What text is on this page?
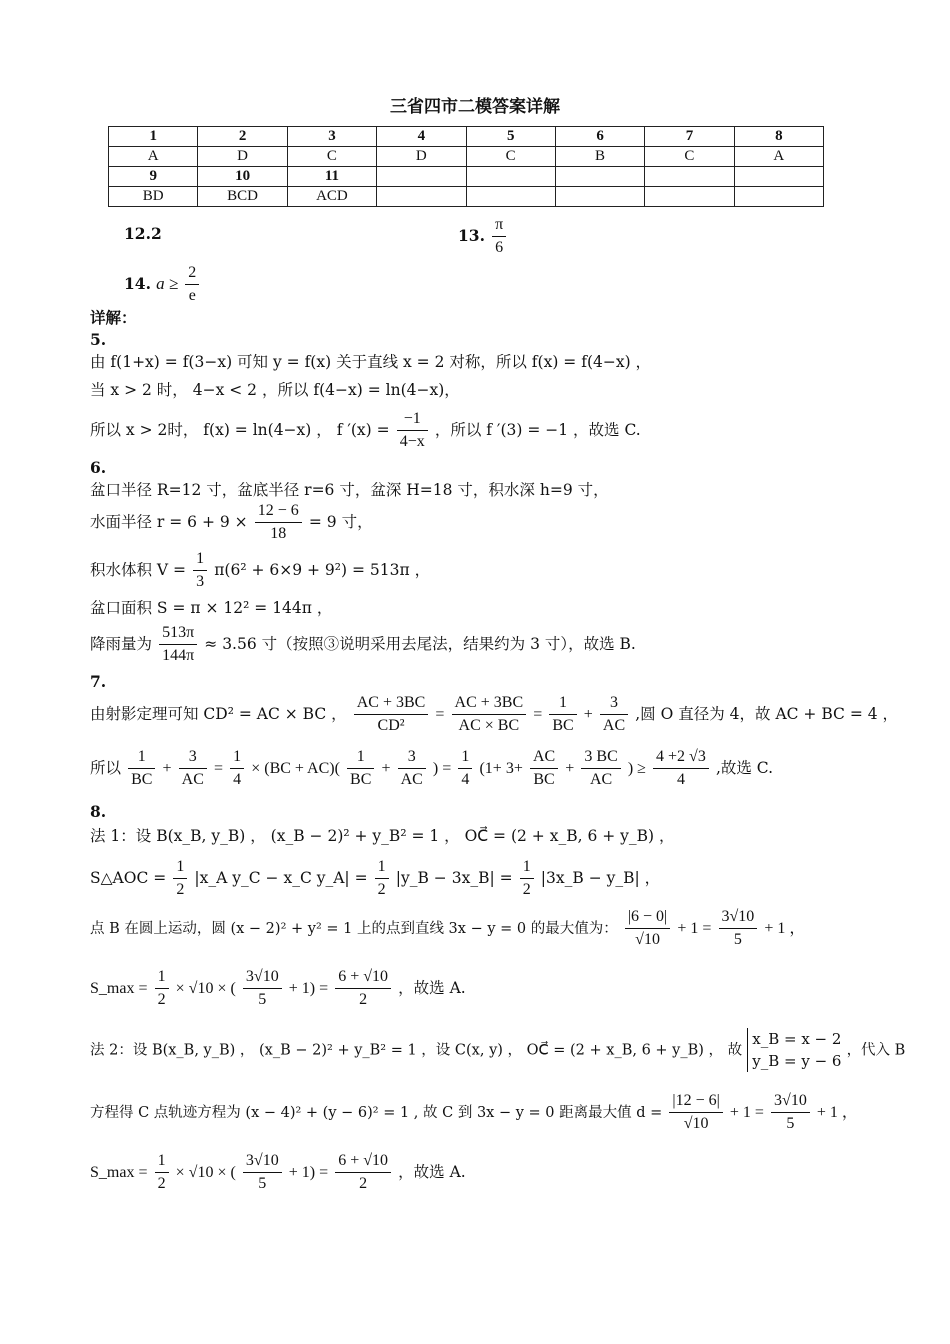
三省四市二模答案详解
1	2	3	4	5	6	7	8
A	D	C	D	C	B	C	A
9	10	11					
BD	BCD	ACD					
12.2	13. $\frac{\pi}{6}$
14. $a \ge \frac{2}{e}$
详解：
5.
由 f(1+x) = f(3−x) 可知 y = f(x) 关于直线 x = 2 对称，所以 f(x) = f(4−x) ，
当 x > 2 时， 4−x < 2 ，所以 f(4−x) = ln(4−x)，
所以 x > 2时， f(x) = ln(4−x) ， f $'(x) = \frac{-1}{4-x}$ ，所以 f ′(3) = −1 ，故选 C.
6.
盆口半径 R=12 寸，盆底半径 r=6 寸，盆深 H=18 寸，积水深 h=9 寸，
水面半径 $r = 6 + 9 \times \frac{12 - 6}{18} = 9$ 寸，
积水体积 $V = \frac{1}{3} \pi(6^2 + 6\times 9 + 9^2) = 513\pi$ ，
盆口面积 S = π × 12² = 144π ，
降雨量为 $\frac{513\pi}{144\pi} \approx 3.56$ 寸（按照③说明采用去尾法，结果约为 3 寸），故选 B.
7.
由射影定理可知 CD² = AC × BC ， $\frac{AC + 3BC}{\text{CD²}} = \frac{AC + 3BC}{AC \times BC} = \frac{1}{BC} + \frac{3}{AC}$ ,圆 O 直径为 4，故 AC + BC = 4 ，
所以 $\frac{1}{BC} + \frac{3}{AC} = \frac{1}{4} \times (BC + AC)( \frac{1}{BC} + \frac{3}{AC}$ ) = $\frac{1}{4} (1+ 3+ \frac{AC}{BC} + \frac{3 BC}{AC}$ ) ≥ $\frac{4 +2 √3}{4}$ ,故选 C.
8.
法 1：设 B(x_B, y_B) ， (x_B − 2)² + y_B² = 1 ， OC⃗ = (2 + x_B, 6 + y_B) ，
S△AOC = $\frac{1}{2}$ |x_A y_C − x_C y_A| = $\frac{1}{2}$ |y_B − 3x_B| = $\frac{1}{2}$ |3x_B − y_B| ，
点 B 在圆上运动，圆 (x − 2)² + y² = 1 上的点到直线 3x − y = 0 的最大值为： $\frac{|6 - 0|}{√10} + 1 = \frac{3√10}{5} + 1$ ，
S_max = $\frac{1}{2} \times √10$ × ( $\frac{3√10}{5} + 1) = \frac{6 + √10}{2}$ ，故选 A.
法 2：设 B(x_B, y_B) ， (x_B − 2)² + y_B² = 1 ，设 C(x, y) ， OC⃗ = (2 + x_B, 6 + y_B) ， 故
x_B = x − 2
y_B = y − 6
，代入 B
方程得 C 点轨迹方程为 (x − 4)² + (y − 6)² = 1 , 故 C 到 3x − y = 0 距离最大值 $d = \frac{|12 - 6|}{√10} + 1 = \frac{3√10}{5} + 1$ ，
S_max = $\frac{1}{2} \times √10$ × ( $\frac{3√10}{5} + 1) = \frac{6 + √10}{2}$ ，故选 A.
